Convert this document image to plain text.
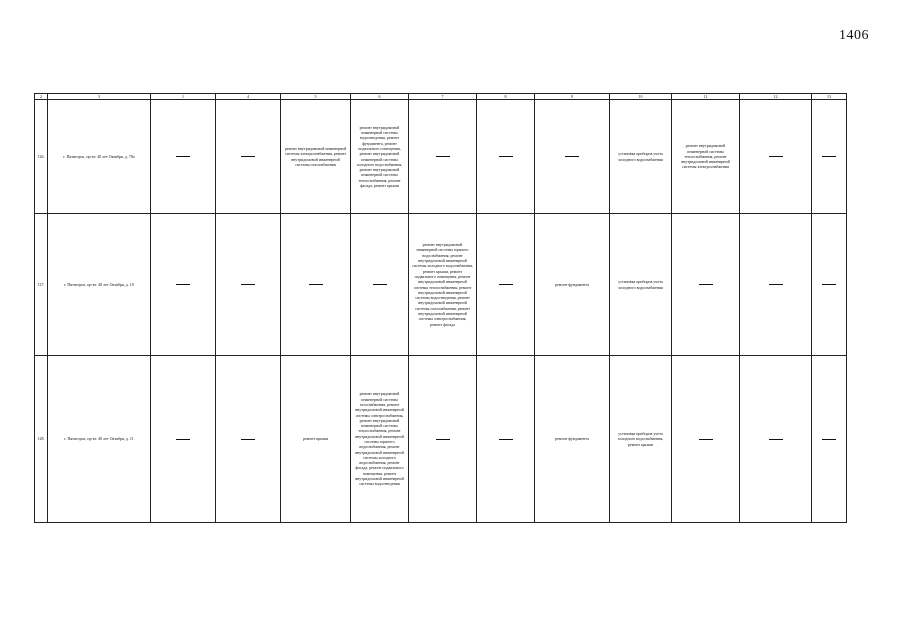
1406
2	3	1	4	5	6	7	8	9	10	11	12	13
126.	г. Пятигорск, пр-кт. 40 лет Октября, д. 78а			ремонт внутридомовой инженерной системы электроснабжения, ремонт внутридомовой инженерной системы газоснабжения	ремонт внутридомовой инженерной системы водоотведения, ремонт фундамента, ремонт подвального помещения, ремонт внутридомовой инженерной системы холодного водоснабжения, ремонт внутридомовой инженерной системы теплоснабжения, ремонт фасада, ремонт крыши				установка приборов учета холодного водоснабжения	ремонт внутридомовой инженерной системы теплоснабжения, ремонт внутридомовой инженерной системы электроснабжения		

127.	г. Пятигорск, пр-кт. 40 лет Октября, д. 10					ремонт внутридомовой инженерной системы горячего водоснабжения, ремонт внутридомовой инженерной системы холодного водоснабжения, ремонт крыши, ремонт подвального помещения, ремонт внутридомовой инженерной системы теплоснабжения, ремонт внутридомовой инженерной системы водоотведения, ремонт внутридомовой инженерной системы газоснабжения, ремонт внутридомовой инженерной системы электроснабжения, ремонт фасада		ремонт фундамента	установка приборов учета холодного водоснабжения			

128.	г. Пятигорск, пр-кт. 40 лет Октября, д. 11			ремонт крыши	ремонт внутридомовой инженерной системы газоснабжения, ремонт внутридомовой инженерной системы электроснабжения, ремонт внутридомовой инженерной системы теплоснабжения, ремонт внутридомовой инженерной системы горячего водоснабжения, ремонт внутридомовой инженерной системы холодного водоснабжения, ремонт фасада, ремонт подвального помещения, ремонт внутридомовой инженерной системы водоотведения			ремонт фундамента	установка приборов учета холодного водоснабжения, ремонт крыши			
